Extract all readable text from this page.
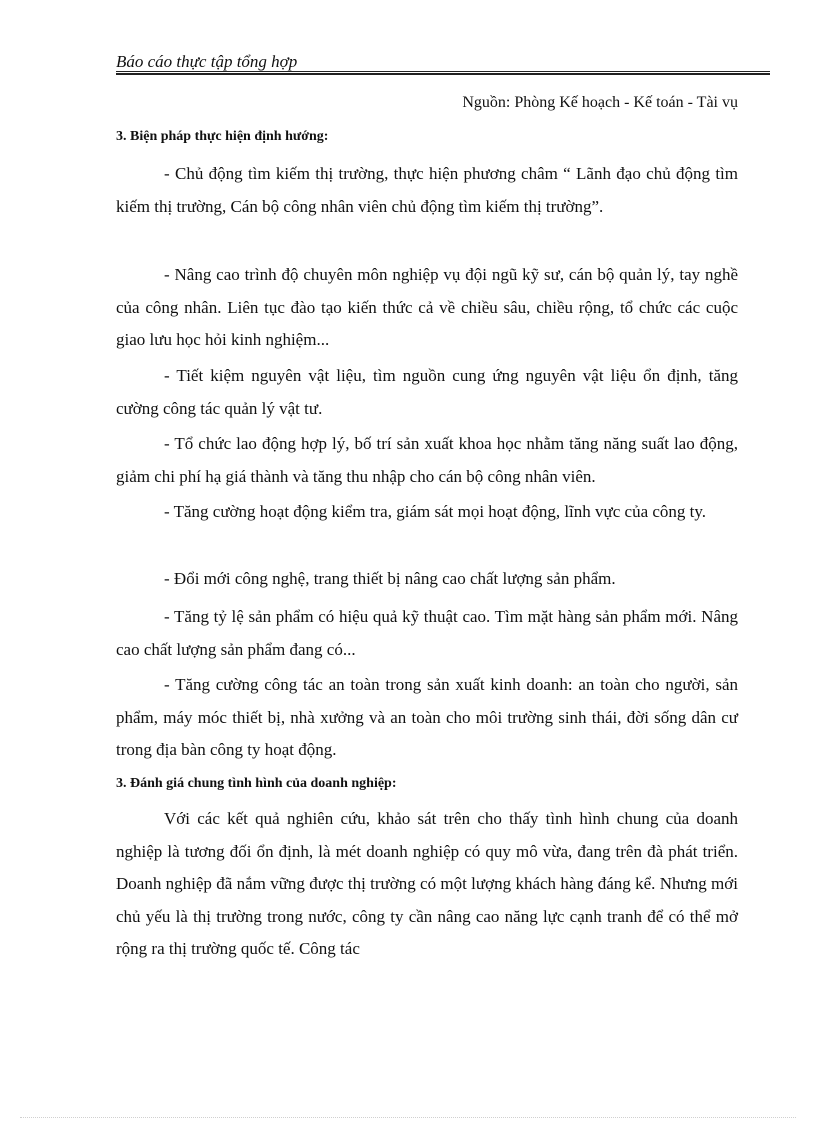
Báo cáo thực tập tổng hợp
Nguồn: Phòng Kế hoạch - Kế toán - Tài vụ
3. Biện pháp thực hiện định hướng:
- Chủ động tìm kiếm thị trường, thực hiện phương châm “ Lãnh đạo chủ động tìm kiếm thị trường, Cán bộ công nhân viên chủ động tìm kiếm thị trường”.
- Nâng cao trình độ chuyên môn nghiệp vụ đội ngũ kỹ sư, cán bộ quản lý, tay nghề của công nhân. Liên tục đào tạo kiến thức cả về chiều sâu, chiều rộng, tổ chức các cuộc giao lưu học hỏi kinh nghiệm...
- Tiết kiệm nguyên vật liệu, tìm nguồn cung ứng nguyên vật liệu ổn định, tăng cường công tác quản lý vật tư.
- Tổ chức lao động hợp lý, bố trí sản xuất khoa học nhằm tăng năng suất lao động, giảm chi phí hạ giá thành và tăng thu nhập cho cán bộ công nhân viên.
- Tăng cường hoạt động kiểm tra, giám sát mọi hoạt động, lĩnh vực của công ty.
- Đổi mới công nghệ, trang thiết bị nâng cao chất lượng sản phẩm.
- Tăng tỷ lệ sản phẩm có hiệu quả kỹ thuật cao. Tìm mặt hàng sản phẩm mới. Nâng cao chất lượng sản phẩm đang có...
- Tăng cường công tác an toàn trong sản xuất kinh doanh: an toàn cho người, sản phẩm, máy móc thiết bị, nhà xưởng và an toàn cho môi trường sinh thái, đời sống dân cư trong địa bàn công ty hoạt động.
3. Đánh giá chung tình hình của doanh nghiệp:
Với các kết quả nghiên cứu, khảo sát trên cho thấy tình hình chung của doanh nghiệp là tương đối ổn định, là mét doanh nghiệp có quy mô vừa, đang trên đà phát triển. Doanh nghiệp đã nắm vững được thị trường có một lượng khách hàng đáng kể. Nhưng mới chủ yếu là thị trường trong nước, công ty cần nâng cao năng lực cạnh tranh để có thể mở rộng ra thị trường quốc tế. Công tác
